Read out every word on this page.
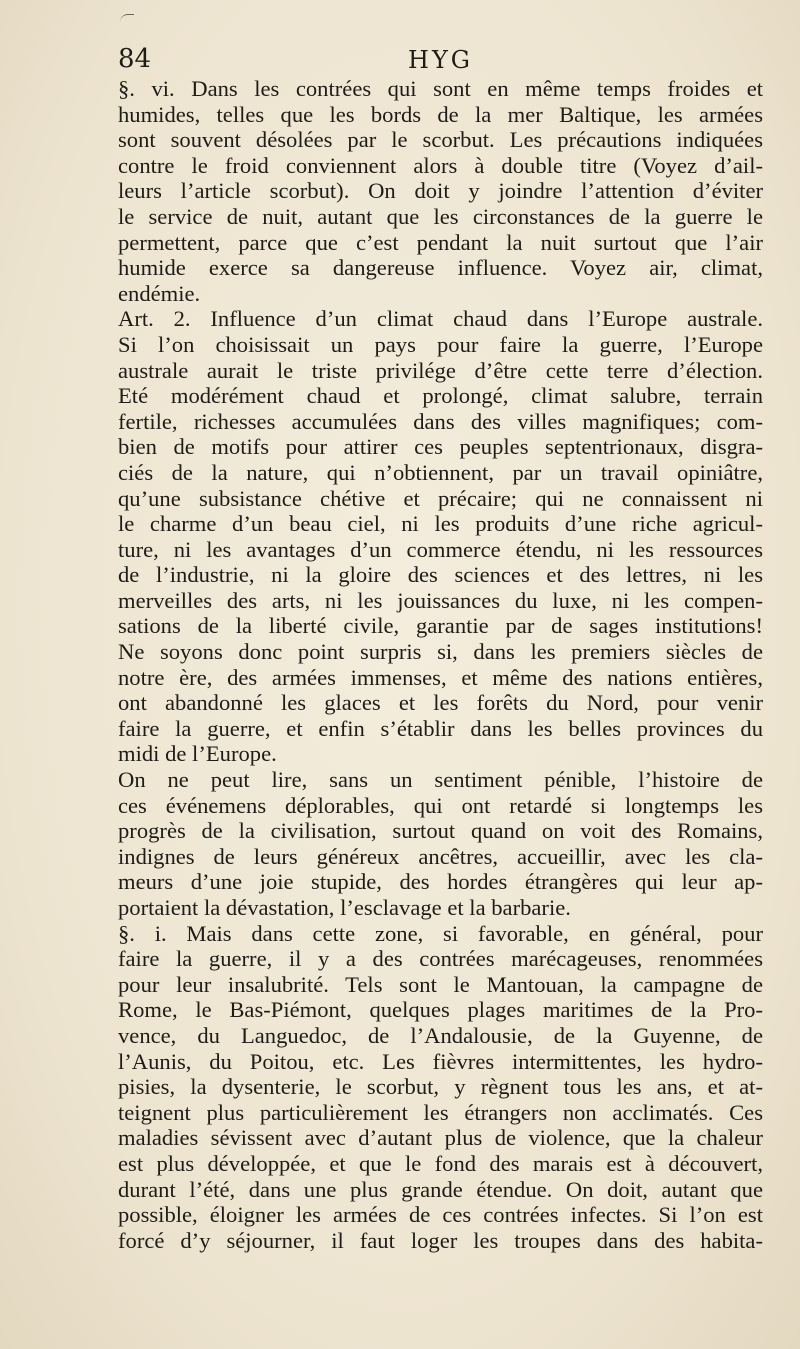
84	HYG
§. vi. Dans les contrées qui sont en même temps froides et
humides, telles que les bords de la mer Baltique, les armées
sont souvent désolées par le scorbut. Les précautions indiquées
contre le froid conviennent alors à double titre (Voyez d’ail-
leurs l’article scorbut). On doit y joindre l’attention d’éviter
le service de nuit, autant que les circonstances de la guerre le
permettent, parce que c’est pendant la nuit surtout que l’air
humide exerce sa dangereuse influence. Voyez air, climat,
endémie.
Art. 2. Influence d’un climat chaud dans l’Europe australe.
Si l’on choisissait un pays pour faire la guerre, l’Europe
australe aurait le triste privilége d’être cette terre d’élection.
Eté modérément chaud et prolongé, climat salubre, terrain
fertile, richesses accumulées dans des villes magnifiques; com-
bien de motifs pour attirer ces peuples septentrionaux, disgra-
ciés de la nature, qui n’obtiennent, par un travail opiniâtre,
qu’une subsistance chétive et précaire; qui ne connaissent ni
le charme d’un beau ciel, ni les produits d’une riche agricul-
ture, ni les avantages d’un commerce étendu, ni les ressources
de l’industrie, ni la gloire des sciences et des lettres, ni les
merveilles des arts, ni les jouissances du luxe, ni les compen-
sations de la liberté civile, garantie par de sages institutions!
Ne soyons donc point surpris si, dans les premiers siècles de
notre ère, des armées immenses, et même des nations entières,
ont abandonné les glaces et les forêts du Nord, pour venir
faire la guerre, et enfin s’établir dans les belles provinces du
midi de l’Europe.
On ne peut lire, sans un sentiment pénible, l’histoire de
ces événemens déplorables, qui ont retardé si longtemps les
progrès de la civilisation, surtout quand on voit des Romains,
indignes de leurs généreux ancêtres, accueillir, avec les cla-
meurs d’une joie stupide, des hordes étrangères qui leur ap-
portaient la dévastation, l’esclavage et la barbarie.
§. i. Mais dans cette zone, si favorable, en général, pour
faire la guerre, il y a des contrées marécageuses, renommées
pour leur insalubrité. Tels sont le Mantouan, la campagne de
Rome, le Bas-Piémont, quelques plages maritimes de la Pro-
vence, du Languedoc, de l’Andalousie, de la Guyenne, de
l’Aunis, du Poitou, etc. Les fièvres intermittentes, les hydro-
pisies, la dysenterie, le scorbut, y règnent tous les ans, et at-
teignent plus particulièrement les étrangers non acclimatés. Ces
maladies sévissent avec d’autant plus de violence, que la chaleur
est plus développée, et que le fond des marais est à découvert,
durant l’été, dans une plus grande étendue. On doit, autant que
possible, éloigner les armées de ces contrées infectes. Si l’on est
forcé d’y séjourner, il faut loger les troupes dans des habita-
